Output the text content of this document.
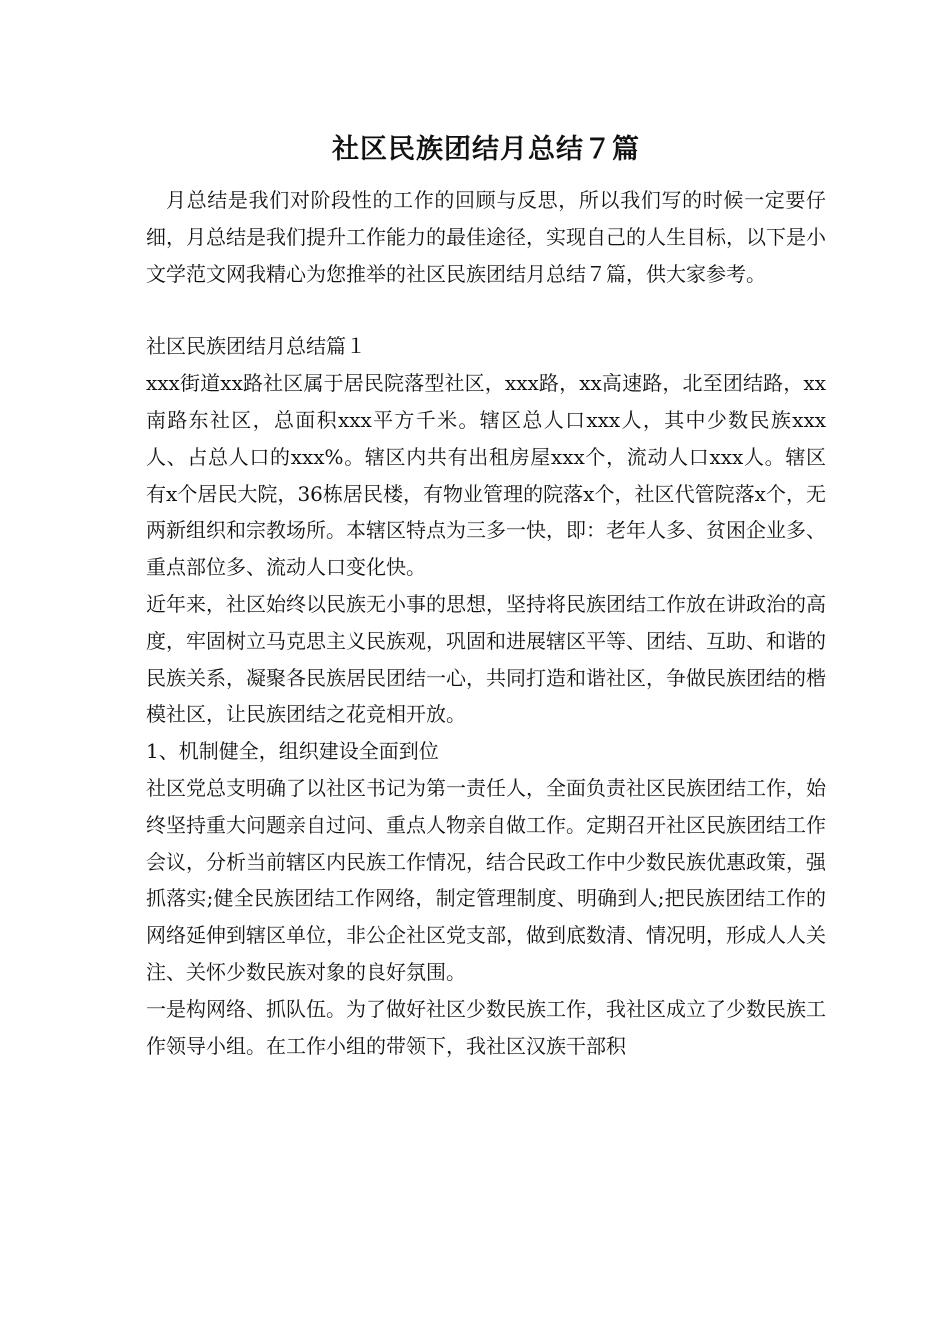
社区民族团结月总结７篇

月总结是我们对阶段性的工作的回顾与反思，所以我们写的时候一定要仔细，月总结是我们提升工作能力的最佳途径，实现自己的人生目标，以下是小文学范文网我精心为您推举的社区民族团结月总结７篇，供大家参考。

社区民族团结月总结篇１

xxx街道xx路社区属于居民院落型社区，xxx路，xx高速路，北至团结路，xx南路东社区，总面积xxx平方千米。辖区总人口xxx人，其中少数民族xxx人、占总人口的xxx%。辖区内共有出租房屋xxx个，流动人口xxx人。辖区有x个居民大院，36栋居民楼，有物业管理的院落x个，社区代管院落x个，无两新组织和宗教场所。本辖区特点为三多一快，即：老年人多、贫困企业多、重点部位多、流动人口变化快。

近年来，社区始终以民族无小事的思想，坚持将民族团结工作放在讲政治的高度，牢固树立马克思主义民族观，巩固和进展辖区平等、团结、互助、和谐的民族关系，凝聚各民族居民团结一心，共同打造和谐社区，争做民族团结的楷模社区，让民族团结之花竞相开放。

1、机制健全，组织建设全面到位

社区党总支明确了以社区书记为第一责任人，全面负责社区民族团结工作，始终坚持重大问题亲自过问、重点人物亲自做工作。定期召开社区民族团结工作会议，分析当前辖区内民族工作情况，结合民政工作中少数民族优惠政策，强抓落实;健全民族团结工作网络，制定管理制度、明确到人;把民族团结工作的网络延伸到辖区单位，非公企社区党支部，做到底数清、情况明，形成人人关注、关怀少数民族对象的良好氛围。

一是构网络、抓队伍。为了做好社区少数民族工作，我社区成立了少数民族工作领导小组。在工作小组的带领下，我社区汉族干部积
